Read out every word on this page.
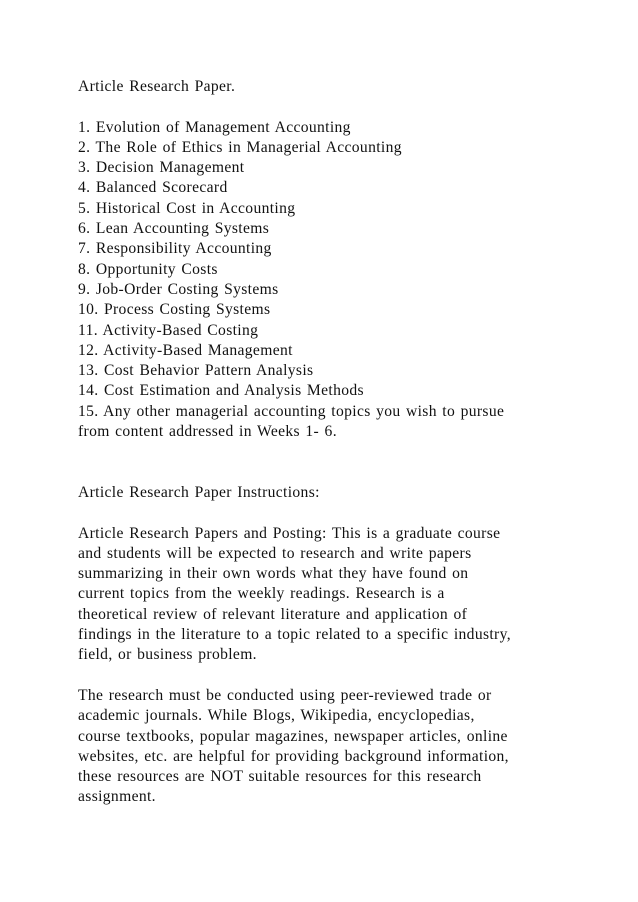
Article Research Paper.
1. Evolution of Management Accounting
2. The Role of Ethics in Managerial Accounting
3. Decision Management
4. Balanced Scorecard
5. Historical Cost in Accounting
6. Lean Accounting Systems
7. Responsibility Accounting
8. Opportunity Costs
9. Job-Order Costing Systems
10. Process Costing Systems
11. Activity-Based Costing
12. Activity-Based Management
13. Cost Behavior Pattern Analysis
14. Cost Estimation and Analysis Methods
15. Any other managerial accounting topics you wish to pursue
from content addressed in Weeks 1- 6.
Article Research Paper Instructions:
Article Research Papers and Posting: This is a graduate course
and students will be expected to research and write papers
summarizing in their own words what they have found on
current topics from the weekly readings. Research is a
theoretical review of relevant literature and application of
findings in the literature to a topic related to a specific industry,
field, or business problem.
The research must be conducted using peer-reviewed trade or
academic journals. While Blogs, Wikipedia, encyclopedias,
course textbooks, popular magazines, newspaper articles, online
websites, etc. are helpful for providing background information,
these resources are NOT suitable resources for this research
assignment.
